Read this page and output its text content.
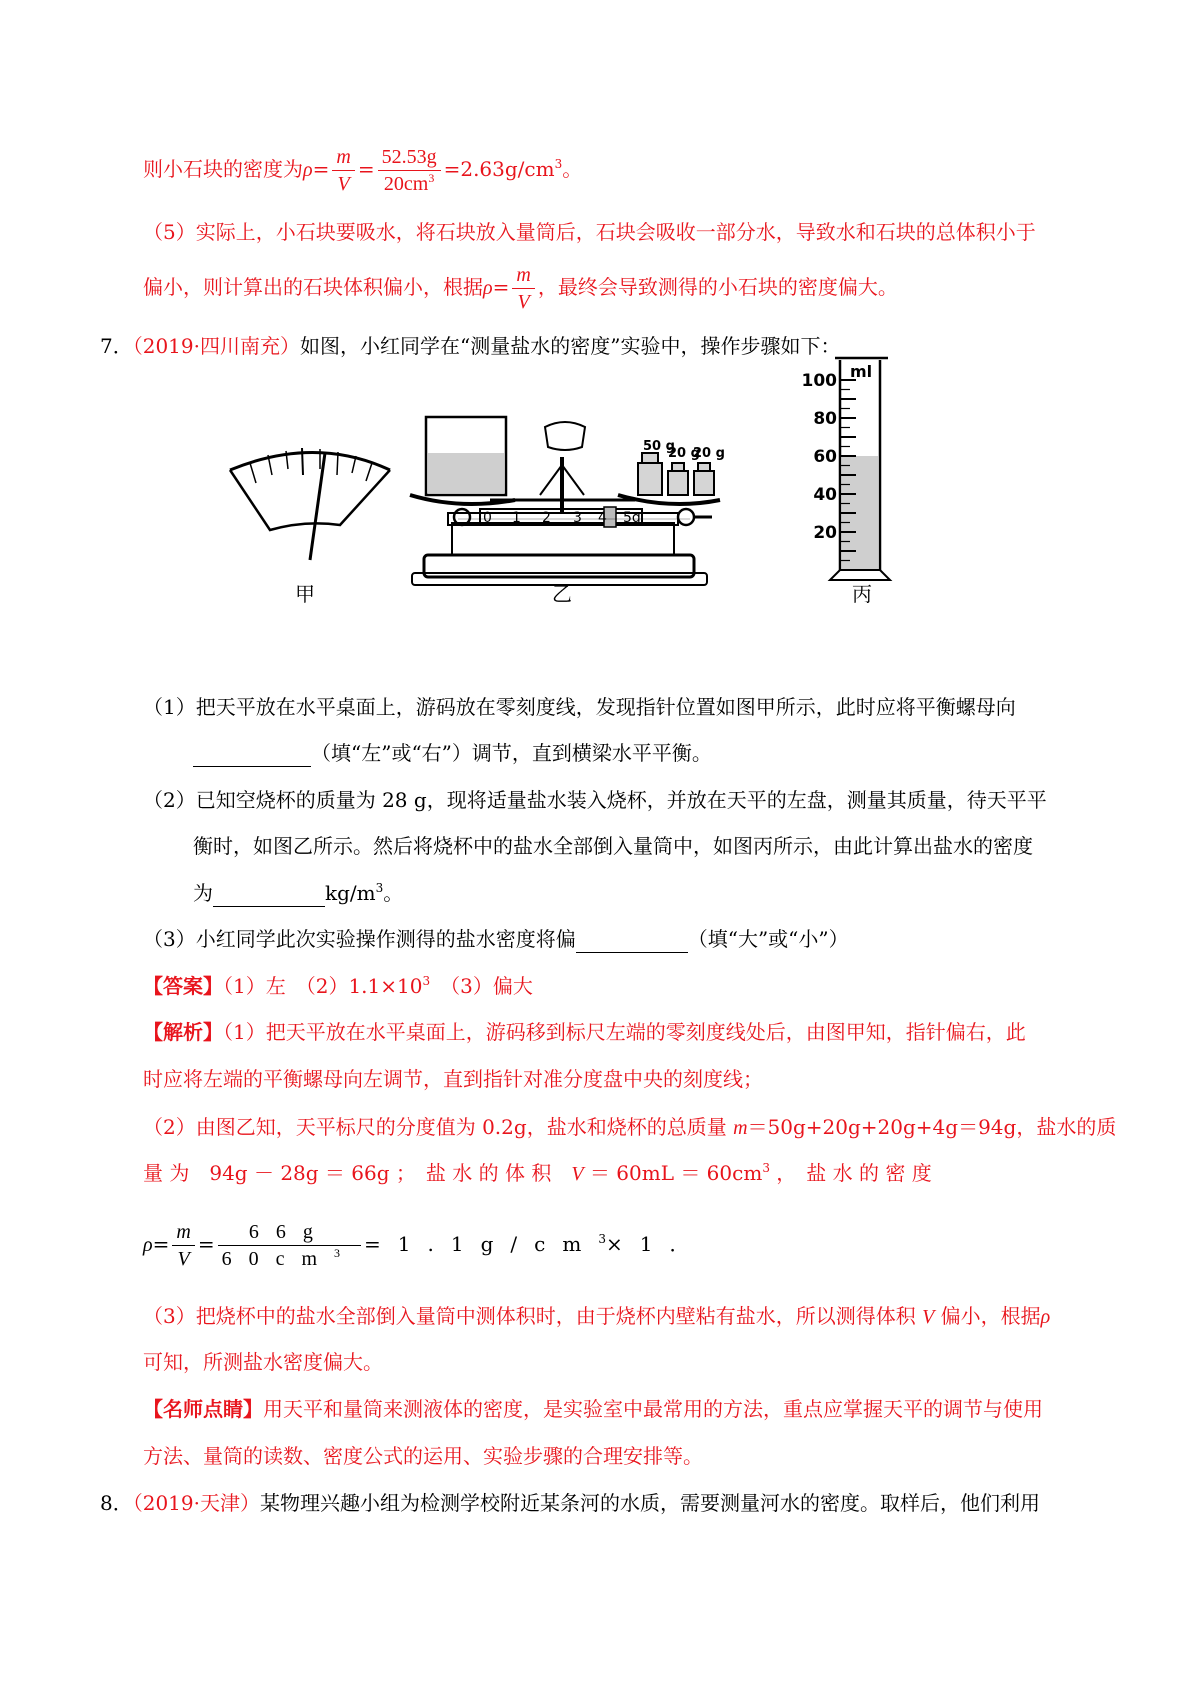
则小石块的密度为$\rho= \frac{m}{V} = \frac{52.53g}{20cm^3} =2.63g/cm^3$。
（5）实际上，小石块要吸水，将石块放入量筒后，石块会吸收一部分水，导致水和石块的总体积小于
偏小，则计算出的石块体积偏小，根据$\rho= \frac{m}{V}$ ，最终会导致测得的小石块的密度偏大。
7．（2019·四川南充）如图，小红同学在“测量盐水的密度”实验中，操作步骤如下：
甲
50 g
20 g
20 g
0 1 2 3 4 5g
乙
ml
100
80
60
40
20
丙
（1）把天平放在水平桌面上，游码放在零刻度线，发现指针位置如图甲所示，此时应将平衡螺母向
（填“左”或“右”）调节，直到横梁水平平衡。
（2）已知空烧杯的质量为 28 g，现将适量盐水装入烧杯，并放在天平的左盘，测量其质量，待天平平
衡时，如图乙所示。然后将烧杯中的盐水全部倒入量筒中，如图丙所示，由此计算出盐水的密度
为	$kg/m^3$。
（3）小红同学此次实验操作测得的盐水密度将偏	（填“大”或“小”）
【答案】（1）左　$(2)1.1\times 10^3$　（3）偏大
【解析】（1）把天平放在水平桌面上，游码移到标尺左端的零刻度线处后，由图甲知，指针偏右，此
时应将左端的平衡螺母向左调节，直到指针对准分度盘中央的刻度线；
（2）由图乙知，天平标尺的分度值为 0.2g，盐水和烧杯的总质量 m＝50g+20g+20g+4g＝94g，盐水的质
量 为　94g － 28g ＝ 66g ；　盐 水 的 体 积　$V = 60mL = 60cm^3$ ，　盐 水 的 密 度
$\rho= \frac{m}{V} = \frac{66g}{60cm^3} =1.1g/cm^3\times 1$．
（3）把烧杯中的盐水全部倒入量筒中测体积时，由于烧杯内壁粘有盐水，所以测得体积 V 偏小，根据ρ
可知，所测盐水密度偏大。
【名师点睛】用天平和量筒来测液体的密度，是实验室中最常用的方法，重点应掌握天平的调节与使用
方法、量筒的读数、密度公式的运用、实验步骤的合理安排等。
8．（2019·天津）某物理兴趣小组为检测学校附近某条河的水质，需要测量河水的密度。取样后，他们利用
